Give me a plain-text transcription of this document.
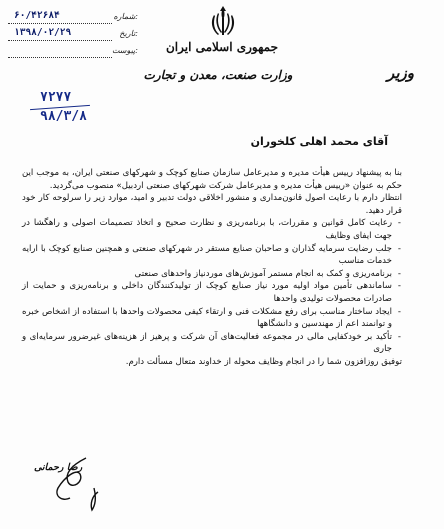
جمهوری اسلامی ایران
وزارت صنعت، معدن و تجارت	وزیر
۶۰/۴۲۶۸۴	شماره:
۱۳۹۸/۰۲/۲۹	تاریخ:
پیوست:
۷۲۷۷
۹۸/۳/۸
آقای محمد اهلی کلخوران

بنا به پیشنهاد رییس هیأت مدیره و مدیرعامل سازمان صنایع کوچک و شهرکهای صنعتی ایران، به موجب این حکم به عنوان «رییس هیأت مدیره و مدیرعامل شرکت شهرکهای صنعتی اردبیل» منصوب می‌گردید.

انتظار دارم با رعایت اصول قانون‌مداری و منشور اخلاقی دولت تدبیر و امید، موارد زیر را سرلوحه کار خود قرار دهید.

- رعایت کامل قوانین و مقررات، با برنامه‌ریزی و نظارت صحیح و اتخاذ تصمیمات اصولی و راهگشا در جهت ایفای وظایف
- جلب رضایت سرمایه گذاران و صاحبان صنایع مستقر در شهرکهای صنعتی و همچنین صنایع کوچک با ارایه خدمات مناسب
- برنامه‌ریزی و کمک به انجام مستمر آموزش‌های موردنیاز واحدهای صنعتی
- ساماندهی تأمین مواد اولیه مورد نیاز صنایع کوچک از تولیدکنندگان داخلی و برنامه‌ریزی و حمایت از صادرات محصولات تولیدی واحدها
- ایجاد ساختار مناسب برای رفع مشکلات فنی و ارتقاء کیفی محصولات واحدها با استفاده از اشخاص خبره و توانمند اعم از مهندسین و دانشگاهها
- تأکید بر خودکفایی مالی در مجموعه فعالیت‌های آن شرکت و پرهیز از هزینه‌های غیرضرور سرمایه‌ای و جاری

توفیق روزافزون شما را در انجام وظایف محوله از خداوند متعال مسألت دارم.

رضا رحمانی
